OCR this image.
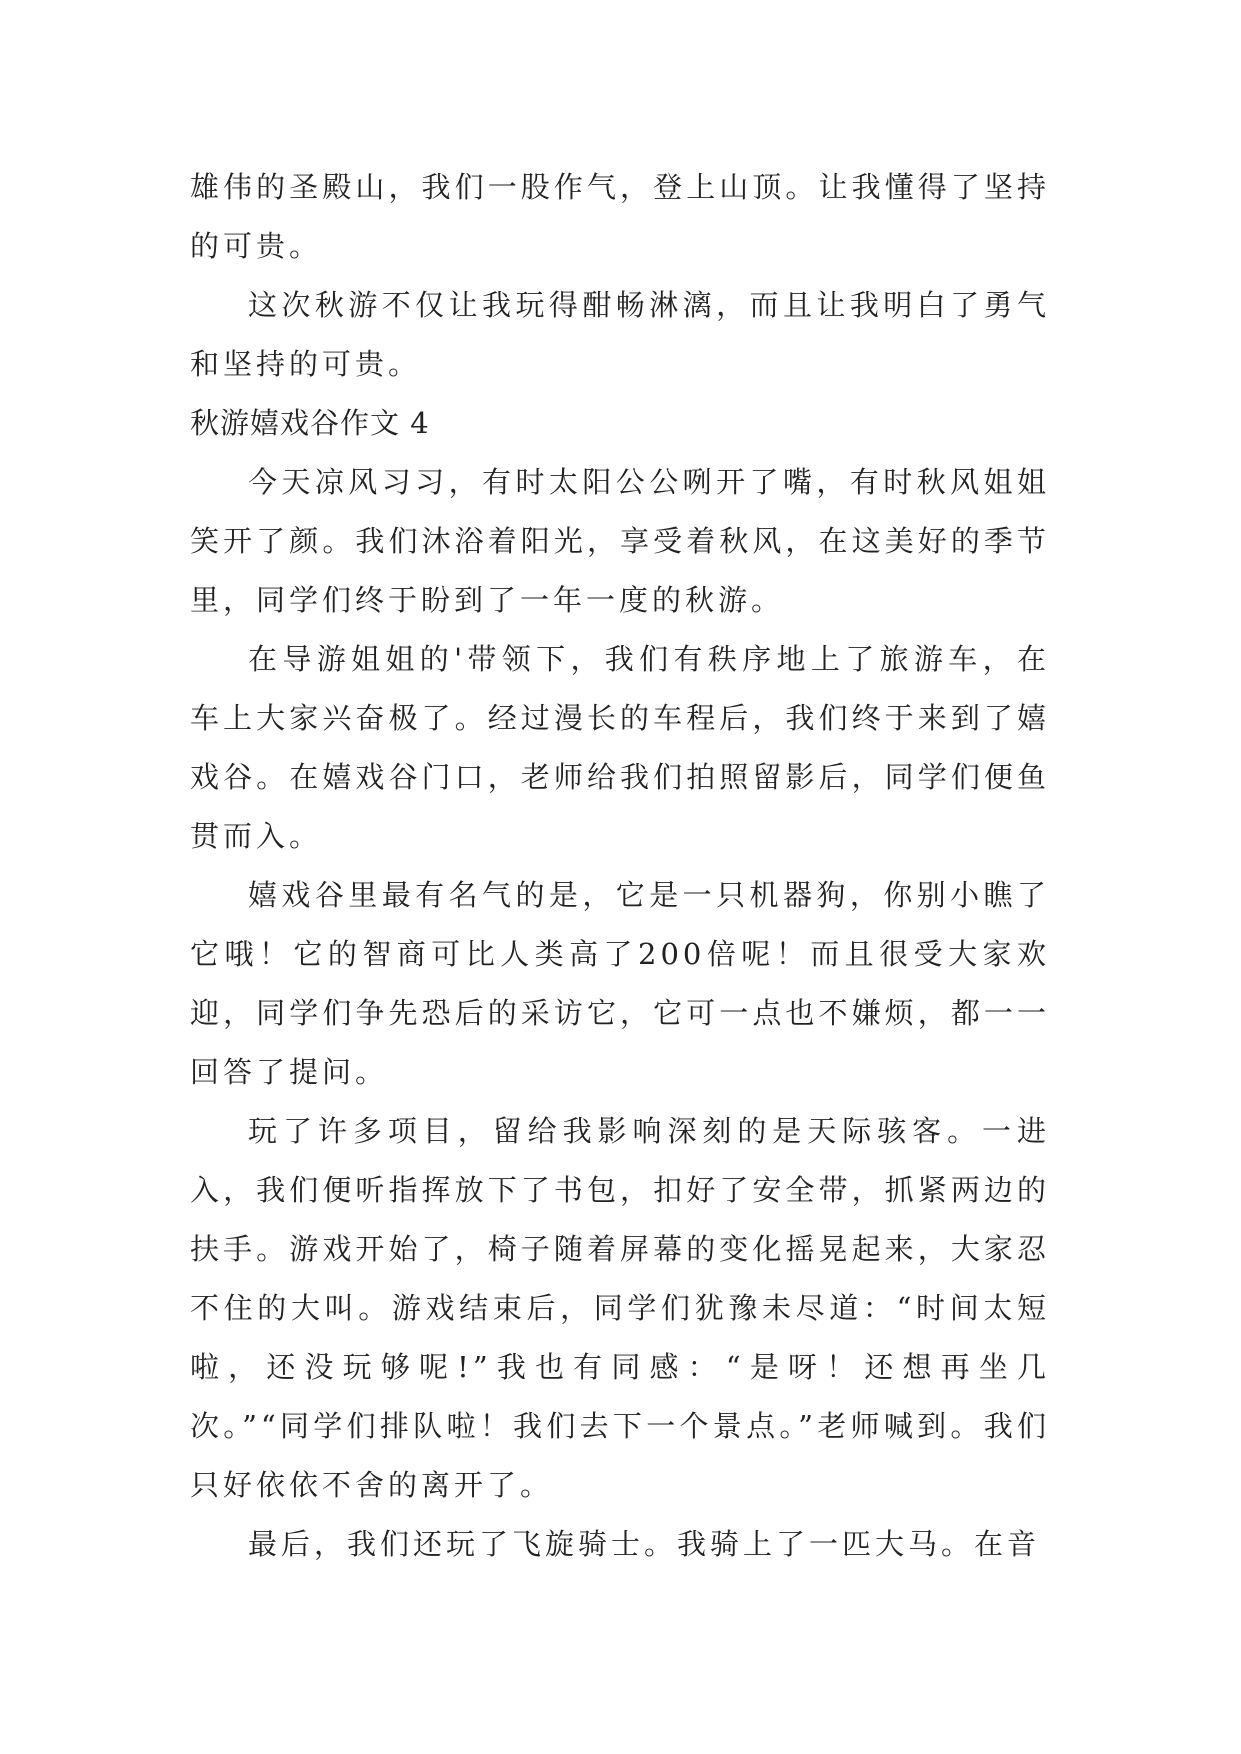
雄伟的圣殿山，我们一股作气，登上山顶。让我懂得了坚持的可贵。

这次秋游不仅让我玩得酣畅淋漓，而且让我明白了勇气和坚持的可贵。

秋游嬉戏谷作文 4

今天凉风习习，有时太阳公公咧开了嘴，有时秋风姐姐笑开了颜。我们沐浴着阳光，享受着秋风，在这美好的季节里，同学们终于盼到了一年一度的秋游。

在导游姐姐的'带领下，我们有秩序地上了旅游车，在车上大家兴奋极了。经过漫长的车程后，我们终于来到了嬉戏谷。在嬉戏谷门口，老师给我们拍照留影后，同学们便鱼贯而入。

嬉戏谷里最有名气的是，它是一只机器狗，你别小瞧了它哦！它的智商可比人类高了200倍呢！而且很受大家欢迎，同学们争先恐后的采访它，它可一点也不嫌烦，都一一回答了提问。

玩了许多项目，留给我影响深刻的是天际骇客。一进入，我们便听指挥放下了书包，扣好了安全带，抓紧两边的扶手。游戏开始了，椅子随着屏幕的变化摇晃起来，大家忍不住的大叫。游戏结束后，同学们犹豫未尽道：“时间太短啦，还没玩够呢!”我也有同感：“是呀！还想再坐几次。”“同学们排队啦！我们去下一个景点。”老师喊到。我们只好依依不舍的离开了。

最后，我们还玩了飞旋骑士。我骑上了一匹大马。在音
